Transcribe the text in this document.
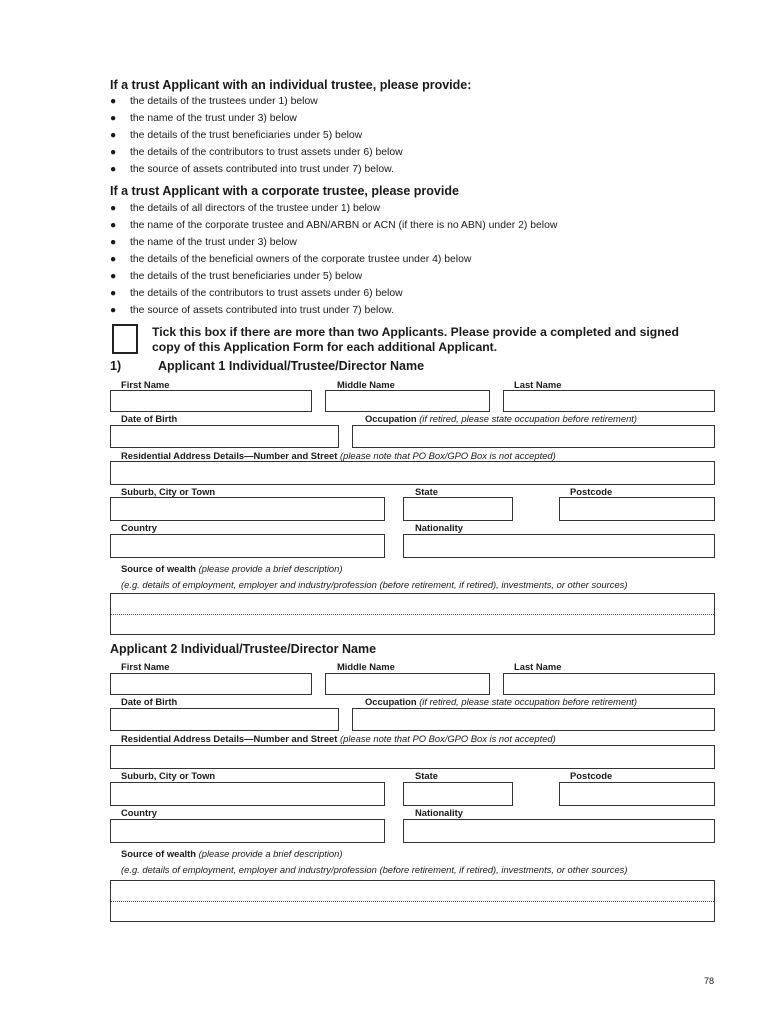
If a trust Applicant with an individual trustee, please provide:
● the details of the trustees under 1) below
● the name of the trust under 3) below
● the details of the trust beneficiaries under 5) below
● the details of the contributors to trust assets under 6) below
● the source of assets contributed into trust under 7) below.
If a trust Applicant with a corporate trustee, please provide
● the details of all directors of the trustee under 1) below
● the name of the corporate trustee and ABN/ARBN or ACN (if there is no ABN) under 2) below
● the name of the trust under 3) below
● the details of the beneficial owners of the corporate trustee under 4) below
● the details of the trust beneficiaries under 5) below
● the details of the contributors to trust assets under 6) below
● the source of assets contributed into trust under 7) below.
Tick this box if there are more than two Applicants. Please provide a completed and signed
copy of this Application Form for each additional Applicant.
1)	Applicant 1 Individual/Trustee/Director Name
First Name	Middle Name	Last Name
Date of Birth	Occupation (if retired, please state occupation before retirement)
Residential Address Details—Number and Street (please note that PO Box/GPO Box is not accepted)
Suburb, City or Town	State	Postcode
Country	Nationality
Source of wealth (please provide a brief description)
(e.g. details of employment, employer and industry/profession (before retirement, if retired), investments, or other sources)
Applicant 2 Individual/Trustee/Director Name
First Name	Middle Name	Last Name
Date of Birth	Occupation (if retired, please state occupation before retirement)
Residential Address Details—Number and Street (please note that PO Box/GPO Box is not accepted)
Suburb, City or Town	State	Postcode
Country	Nationality
Source of wealth (please provide a brief description)
(e.g. details of employment, employer and industry/profession (before retirement, if retired), investments, or other sources)
78
